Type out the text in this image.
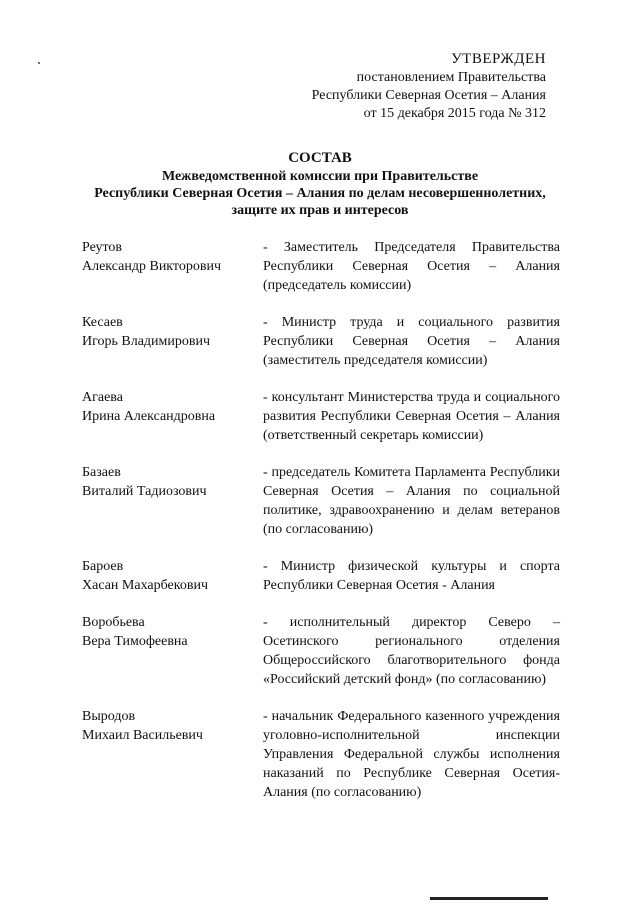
УТВЕРЖДЕН
постановлением Правительства
Республики Северная Осетия – Алания
от 15 декабря 2015 года № 312
СОСТАВ
Межведомственной комиссии при Правительстве
Республики Северная Осетия – Алания по делам несовершеннолетних,
защите их прав и интересов
Реутов
Александр Викторович
- Заместитель Председателя Правительства Республики Северная Осетия – Алания (председатель комиссии)
Кесаев
Игорь Владимирович
- Министр труда и социального развития Республики Северная Осетия – Алания (заместитель председателя комиссии)
Агаева
Ирина Александровна
- консультант Министерства труда и социального развития Республики Северная Осетия – Алания (ответственный секретарь комиссии)
Базаев
Виталий Тадиозович
- председатель Комитета Парламента Республики Северная Осетия – Алания по социальной политике, здравоохранению и делам ветеранов (по согласованию)
Бароев
Хасан Махарбекович
- Министр физической культуры и спорта Республики Северная Осетия - Алания
Воробьева
Вера Тимофеевна
- исполнительный директор Северо – Осетинского регионального отделения Общероссийского благотворительного фонда «Российский детский фонд» (по согласованию)
Выродов
Михаил Васильевич
- начальник Федерального казенного учреждения уголовно-исполнительной инспекции Управления Федеральной службы исполнения наказаний по Республике Северная Осетия-Алания (по согласованию)
